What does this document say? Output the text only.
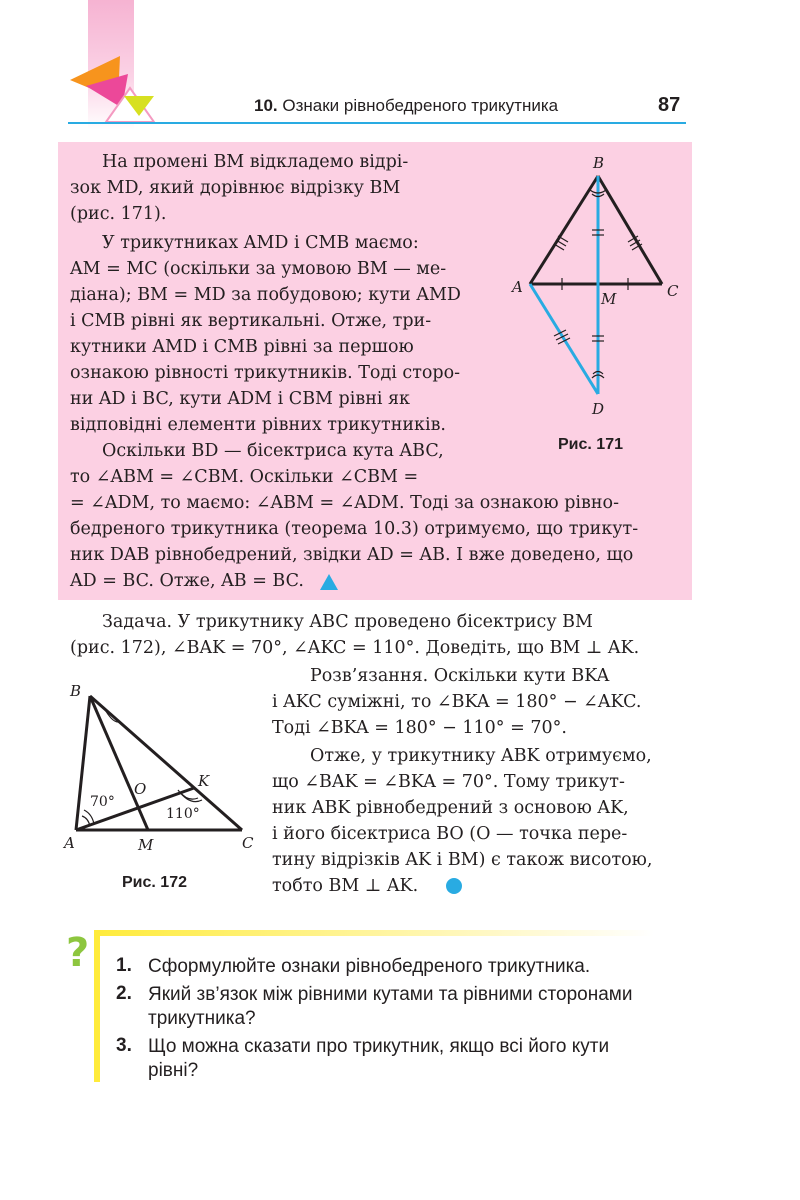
10. Ознаки рівнобедреного трикутника	87
На промені BM відкладемо відрі-
зок MD, який дорівнює відрізку BM
(рис. 171).
У трикутниках AMD і CMB маємо:
AM = MC (оскільки за умовою BM — ме-
діана); BM = MD за побудовою; кути AMD
і CMB рівні як вертикальні. Отже, три-
кутники AMD і CMB рівні за першою
ознакою рівності трикутників. Тоді сторо-
ни AD і BC, кути ADM і CBM рівні як
відповідні елементи рівних трикутників.
Оскільки BD — бісектриса кута ABC,
то ∠ABM = ∠CBM. Оскільки ∠CBM =
= ∠ADM, то маємо: ∠ABM = ∠ADM. Тоді за ознакою рівно-
бедреного трикутника (теорема 10.3) отримуємо, що трикут-
ник DAB рівнобедрений, звідки AD = AB. І вже доведено, що
AD = BC. Отже, AB = BC.
B
A	C
M
D
Рис. 171
Задача. У трикутнику ABC проведено бісектрису BM
(рис. 172), ∠BAK = 70°, ∠AKC = 110°. Доведіть, що BM ⊥ AK.
B
A	M	C
O	K
70°
110°
Рис. 172
Розв’язання. Оскільки кути BKA
і AKC суміжні, то ∠BKA = 180° − ∠AKC.
Тоді ∠BKA = 180° − 110° = 70°.
Отже, у трикутнику ABK отримуємо,
що ∠BAK = ∠BKA = 70°. Тому трикут-
ник ABK рівнобедрений з основою AK,
і його бісектриса BO (O — точка пере-
тину відрізків AK і BM) є також висотою,
тобто BM ⊥ AK.
? 1. Сформулюйте ознаки рівнобедреного трикутника.
2. Який зв’язок між рівними кутами та рівними сторонами
трикутника?
3. Що можна сказати про трикутник, якщо всі його кути
рівні?
